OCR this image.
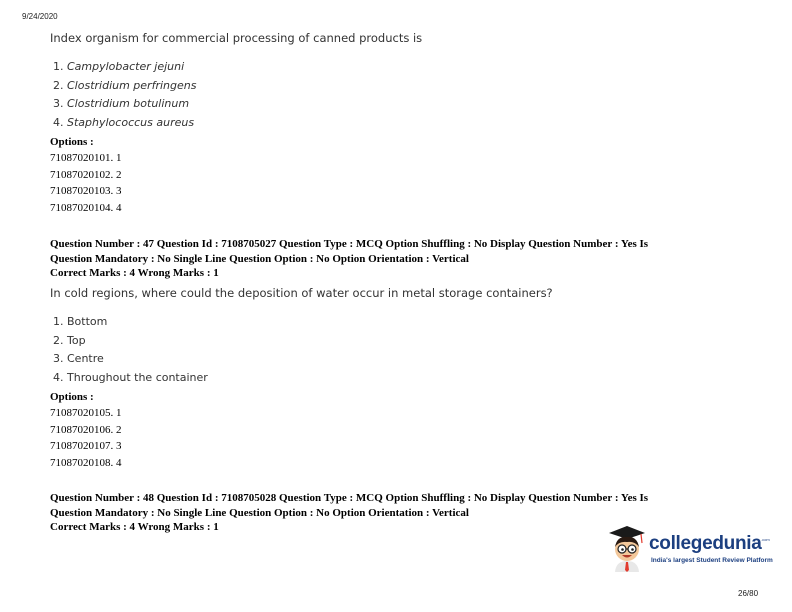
9/24/2020
Index organism for commercial processing of canned products is
1. Campylobacter jejuni
2. Clostridium perfringens
3. Clostridium botulinum
4. Staphylococcus aureus
Options :
71087020101. 1
71087020102. 2
71087020103. 3
71087020104. 4
Question Number : 47 Question Id : 7108705027 Question Type : MCQ Option Shuffling : No Display Question Number : Yes Is
Question Mandatory : No Single Line Question Option : No Option Orientation : Vertical
Correct Marks : 4 Wrong Marks : 1
In cold regions, where could the deposition of water occur in metal storage containers?
1. Bottom
2. Top
3. Centre
4. Throughout the container
Options :
71087020105. 1
71087020106. 2
71087020107. 3
71087020108. 4
Question Number : 48 Question Id : 7108705028 Question Type : MCQ Option Shuffling : No Display Question Number : Yes Is
Question Mandatory : No Single Line Question Option : No Option Orientation : Vertical
Correct Marks : 4 Wrong Marks : 1
collegedunia .com
India's largest Student Review Platform
26/80
